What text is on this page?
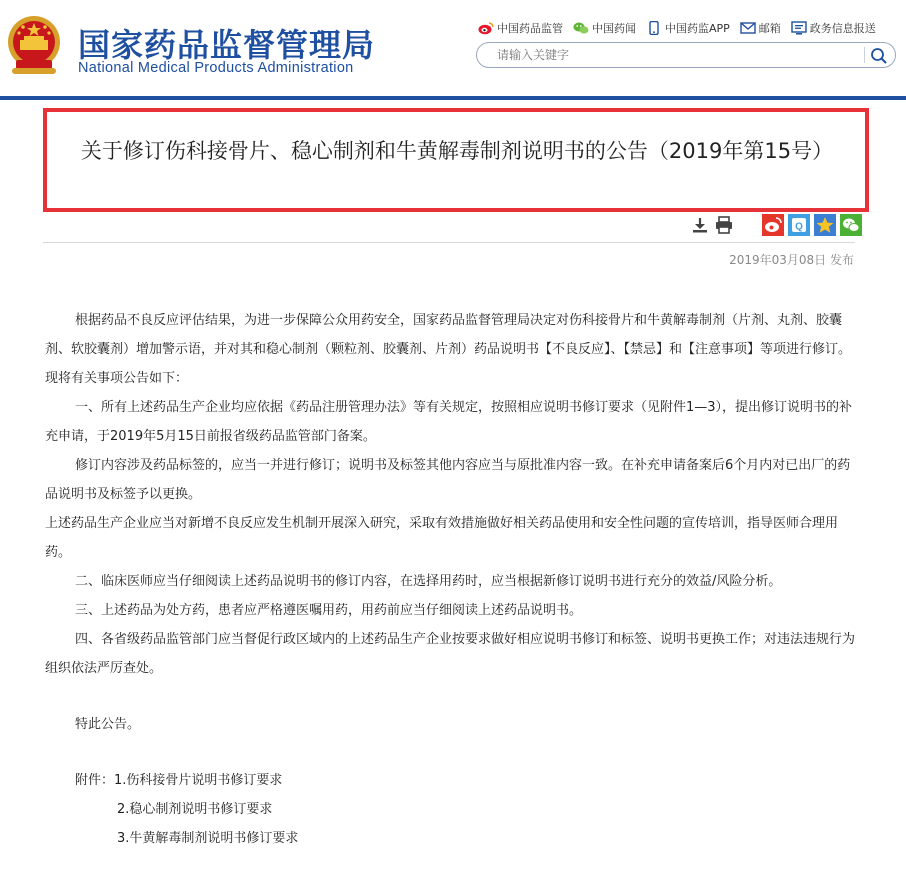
国家药品监督管理局
National Medical Products Administration
中国药品监管	中国药闻	中国药监APP	邮箱	政务信息报送
请输入关键字
关于修订伤科接骨片、稳心制剂和牛黄解毒制剂说明书的公告（2019年第15号）
Q
2019年03月08日 发布

根据药品不良反应评估结果，为进一步保障公众用药安全，国家药品监督管理局决定对伤科接骨片和牛黄解毒制剂（片剂、丸剂、胶囊剂、软胶囊剂）增加警示语，并对其和稳心制剂（颗粒剂、胶囊剂、片剂）药品说明书【不良反应】、【禁忌】和【注意事项】等项进行修订。现将有关事项公告如下：

一、所有上述药品生产企业均应依据《药品注册管理办法》等有关规定，按照相应说明书修订要求（见附件1—3），提出修订说明书的补充申请，于2019年5月15日前报省级药品监管部门备案。

修订内容涉及药品标签的，应当一并进行修订；说明书及标签其他内容应当与原批准内容一致。在补充申请备案后6个月内对已出厂的药品说明书及标签予以更换。

上述药品生产企业应当对新增不良反应发生机制开展深入研究，采取有效措施做好相关药品使用和安全性问题的宣传培训，指导医师合理用药。

二、临床医师应当仔细阅读上述药品说明书的修订内容，在选择用药时，应当根据新修订说明书进行充分的效益/风险分析。

三、上述药品为处方药，患者应严格遵医嘱用药，用药前应当仔细阅读上述药品说明书。

四、各省级药品监管部门应当督促行政区域内的上述药品生产企业按要求做好相应说明书修订和标签、说明书更换工作；对违法违规行为组织依法严厉查处。

特此公告。

附件：1.伤科接骨片说明书修订要求

2.稳心制剂说明书修订要求

3.牛黄解毒制剂说明书修订要求
